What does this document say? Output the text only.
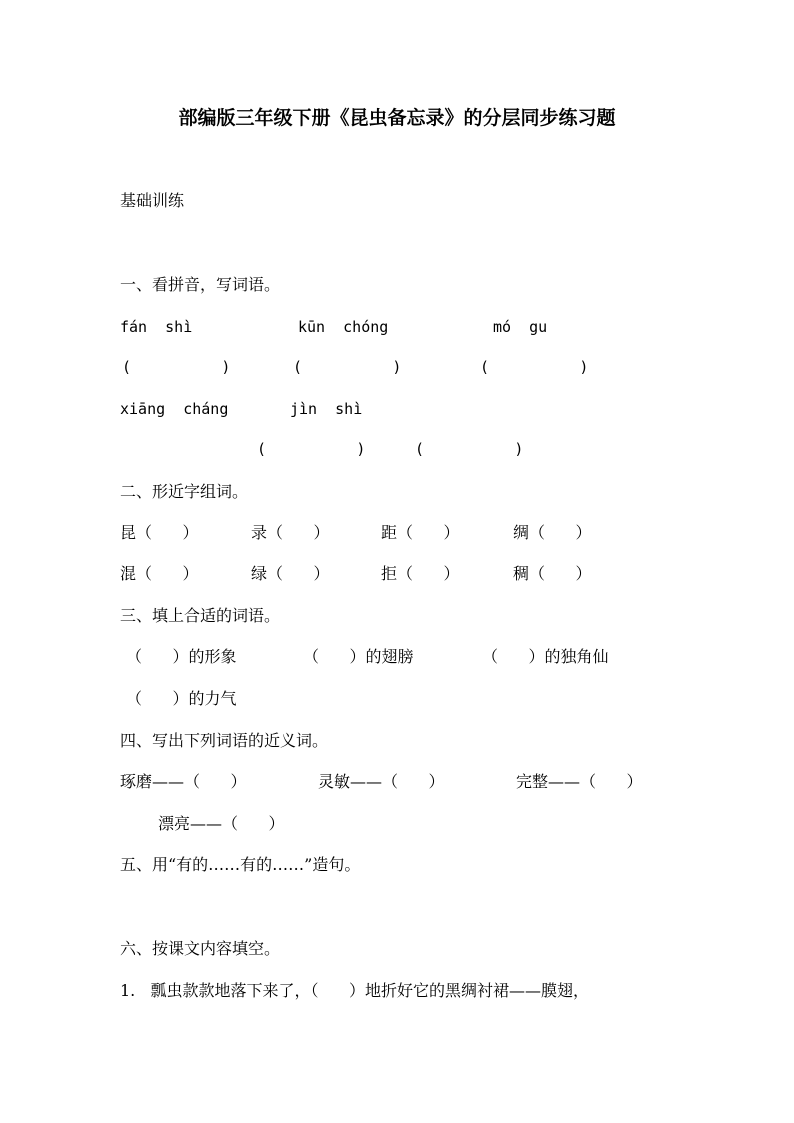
部编版三年级下册《昆虫备忘录》的分层同步练习题
基础训练
一、看拼音，写词语。
fán  shì	kūn  chóng	mó  gu
(          )	(          )	(          )
xiāng  cháng	jìn  shì
(          )	(          )
二、形近字组词。
昆（      ）	录（      ）	距（      ）	绸（      ）
混（      ）	绿（      ）	拒（      ）	稠（      ）
三、填上合适的词语。
（      ）的形象	（      ）的翅膀	（      ）的独角仙
（      ）的力气
四、写出下列词语的近义词。
琢磨——（      ）	灵敏——（      ）	完整——（      ）
漂亮——（      ）
五、用“有的……有的……”造句。
六、按课文内容填空。
1.   瓢虫款款地落下来了，（      ）地折好它的黑绸衬裙——膜翅，
